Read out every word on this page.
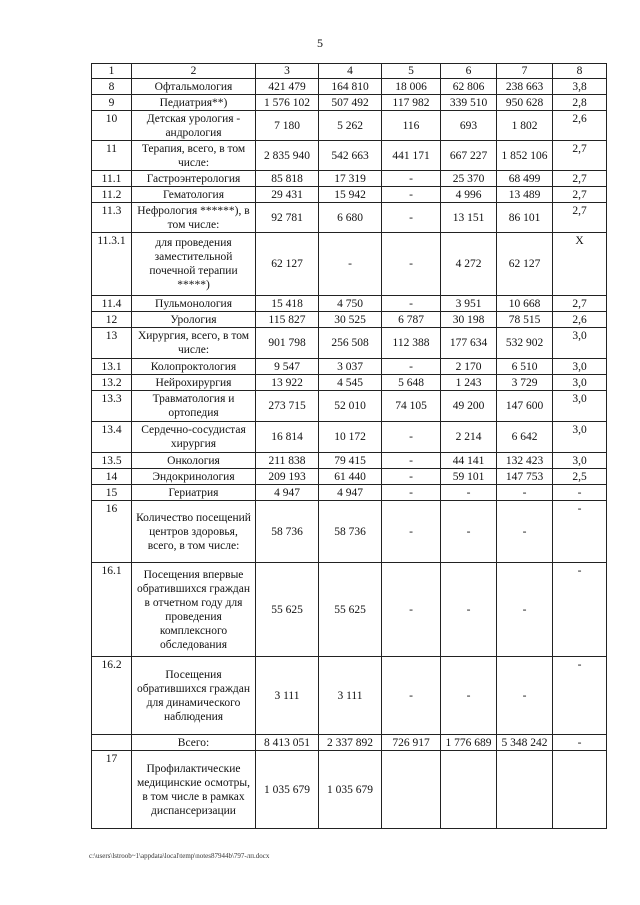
5
1	2	3	4	5	6	7	8
8	Офтальмология	421 479	164 810	18 006	62 806	238 663	3,8
9	Педиатрия**)	1 576 102	507 492	117 982	339 510	950 628	2,8
10	Детская урология - андрология	7 180	5 262	116	693	1 802	2,6
11	Терапия, всего, в том числе:	2 835 940	542 663	441 171	667 227	1 852 106	2,7
11.1	Гастроэнтерология	85 818	17 319	-	25 370	68 499	2,7
11.2	Гематология	29 431	15 942	-	4 996	13 489	2,7
11.3	Нефрология ******), в том числе:	92 781	6 680	-	13 151	86 101	2,7
11.3.1	для проведения заместительной почечной терапии *****)	62 127	-	-	4 272	62 127	Х
11.4	Пульмонология	15 418	4 750	-	3 951	10 668	2,7
12	Урология	115 827	30 525	6 787	30 198	78 515	2,6
13	Хирургия, всего, в том числе:	901 798	256 508	112 388	177 634	532 902	3,0
13.1	Колопроктология	9 547	3 037	-	2 170	6 510	3,0
13.2	Нейрохирургия	13 922	4 545	5 648	1 243	3 729	3,0
13.3	Травматология и ортопедия	273 715	52 010	74 105	49 200	147 600	3,0
13.4	Сердечно-сосудистая хирургия	16 814	10 172	-	2 214	6 642	3,0
13.5	Онкология	211 838	79 415	-	44 141	132 423	3,0
14	Эндокринология	209 193	61 440	-	59 101	147 753	2,5
15	Гериатрия	4 947	4 947	-	-	-	-
16	Количество посещений центров здоровья, всего, в том числе:	58 736	58 736	-	-	-	-
16.1	Посещения впервые обратившихся граждан в отчетном году для проведения комплексного обследования	55 625	55 625	-	-	-	-
16.2	Посещения обратившихся граждан для динамического наблюдения	3 111	3 111	-	-	-	-
	Всего:	8 413 051	2 337 892	726 917	1 776 689	5 348 242	-
17	Профилактические медицинские осмотры, в том числе в рамках диспансеризации	1 035 679	1 035 679				
c:\users\lstroob~1\appdata\local\temp\notes87944b\797-лп.docx
